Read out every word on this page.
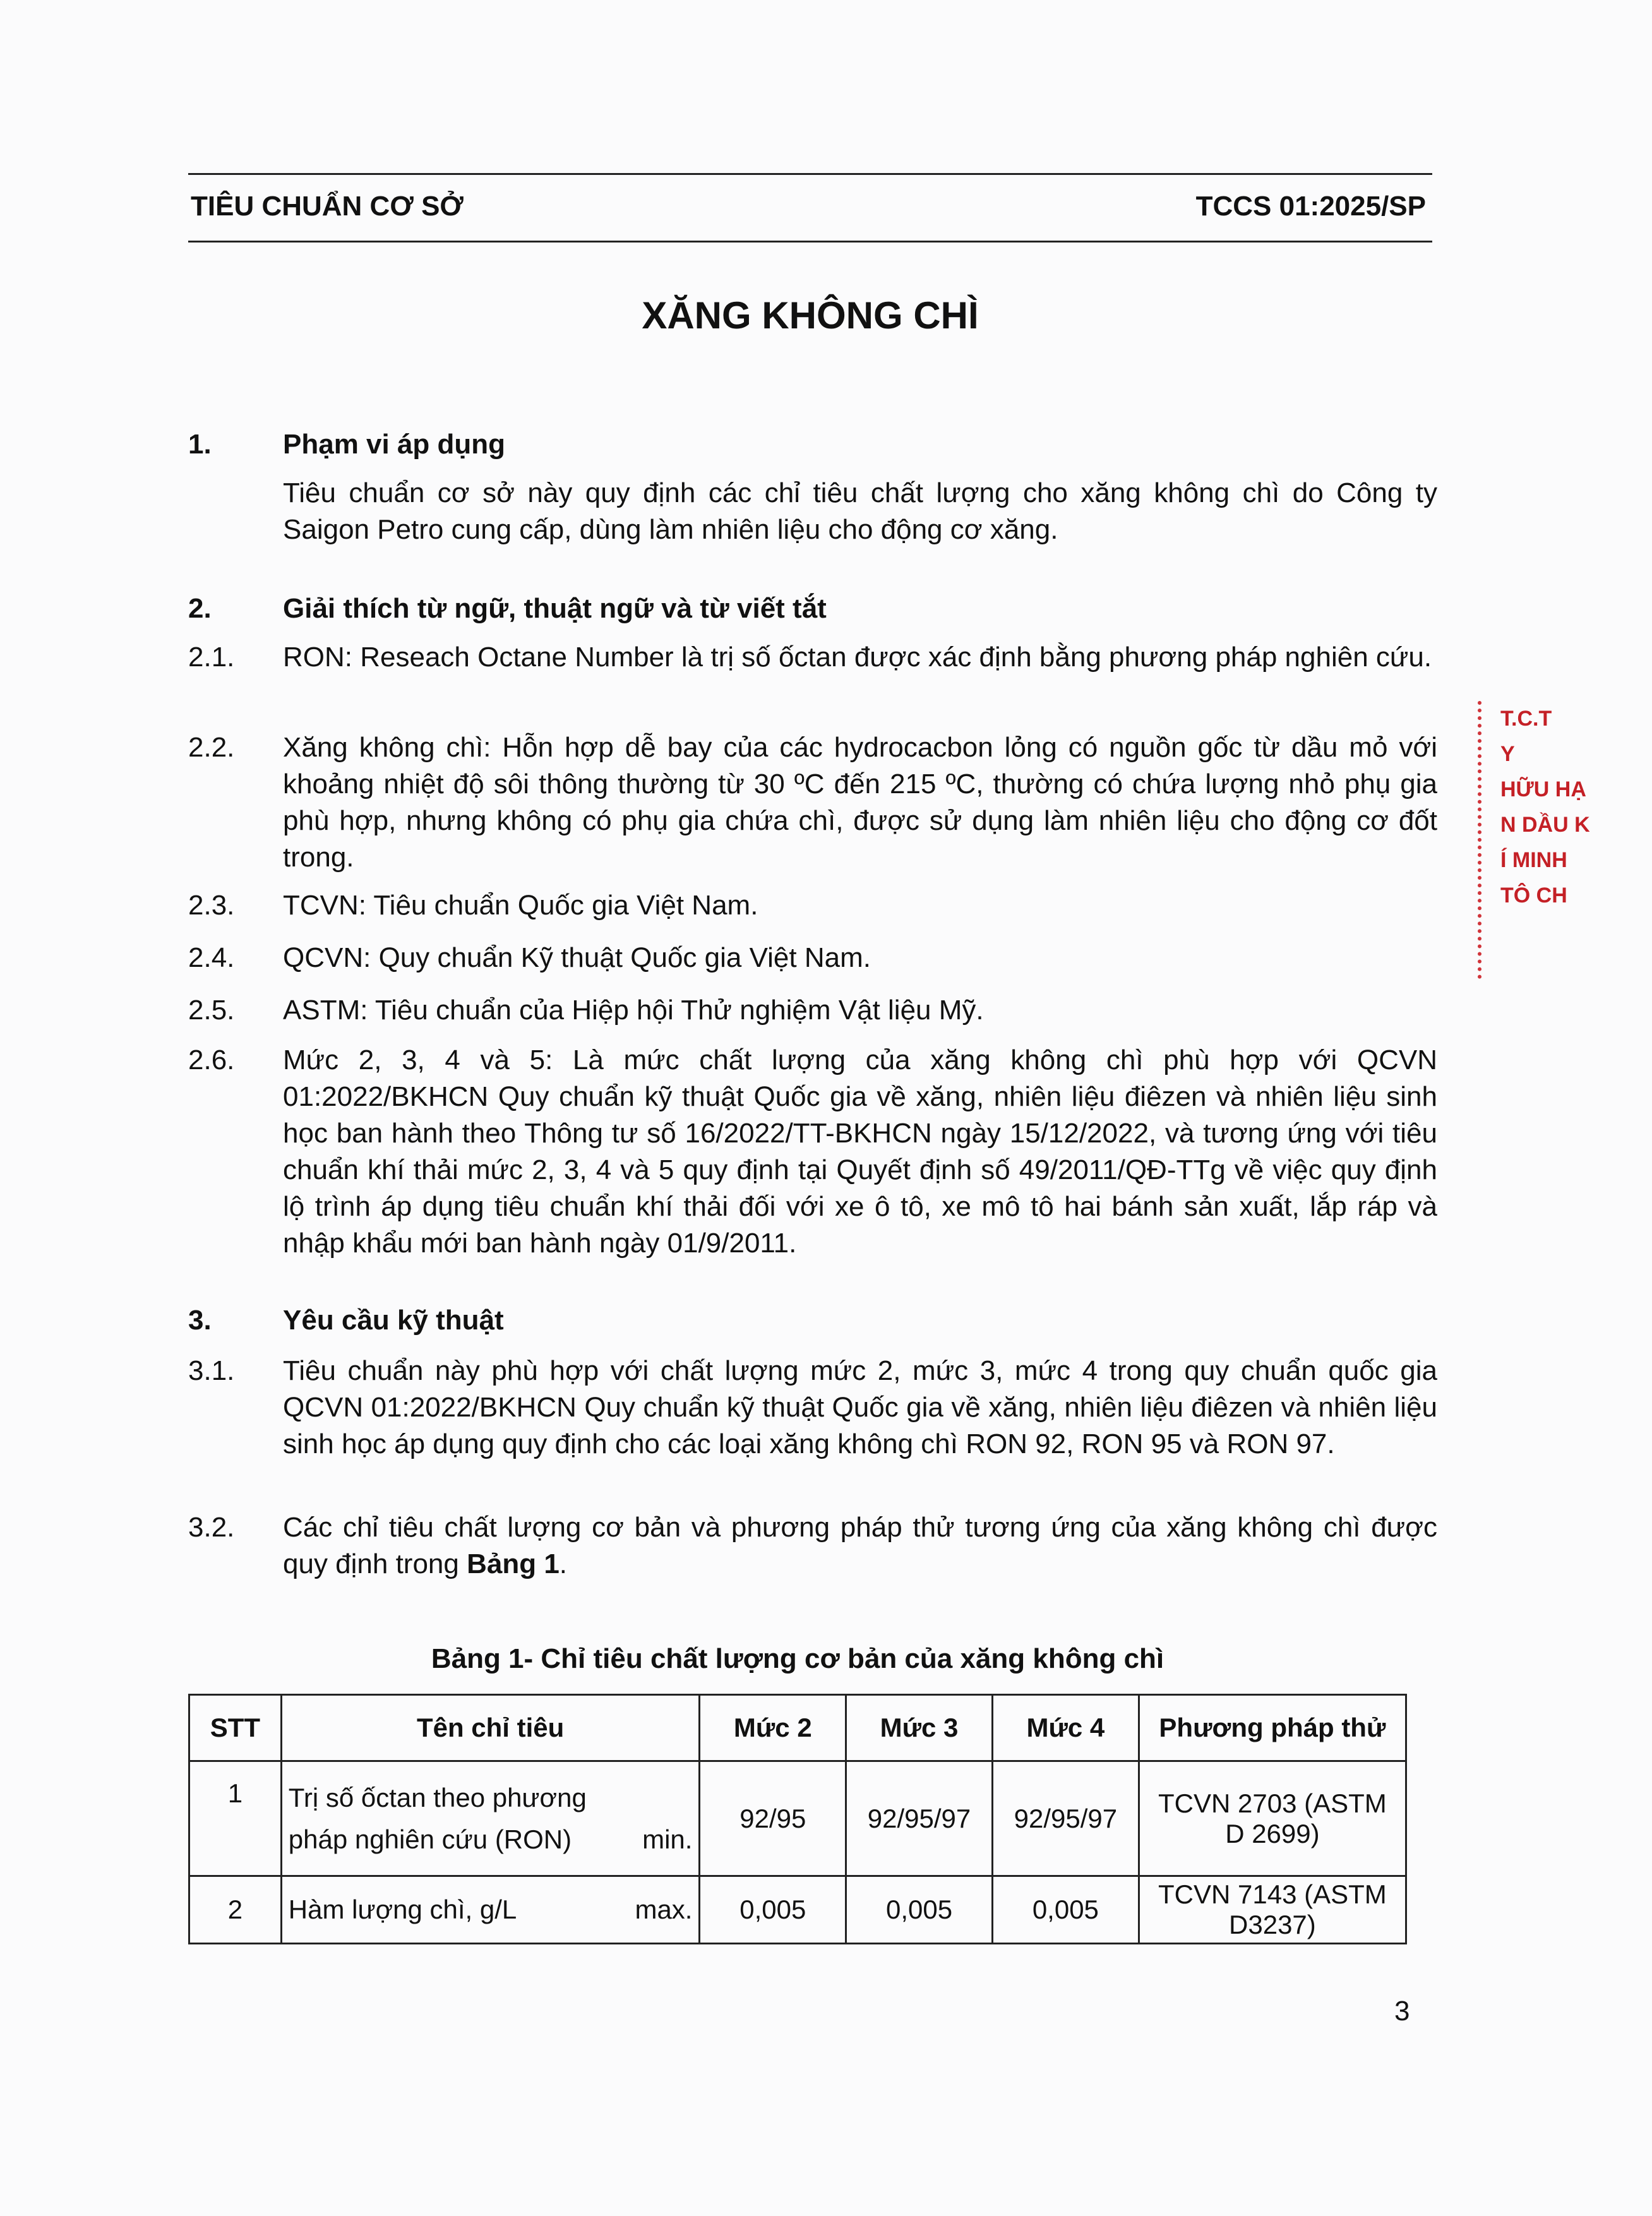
TIÊU CHUẨN CƠ SỞ	TCCS 01:2025/SP
XĂNG KHÔNG CHÌ
1.	Phạm vi áp dụng
Tiêu chuẩn cơ sở này quy định các chỉ tiêu chất lượng cho xăng không chì do Công ty Saigon Petro cung cấp, dùng làm nhiên liệu cho động cơ xăng.
2.	Giải thích từ ngữ, thuật ngữ và từ viết tắt
2.1. RON: Reseach Octane Number là trị số ốctan được xác định bằng phương pháp nghiên cứu.
2.2. Xăng không chì: Hỗn hợp dễ bay của các hydrocacbon lỏng có nguồn gốc từ dầu mỏ với khoảng nhiệt độ sôi thông thường từ 30 ºC đến 215 ºC, thường có chứa lượng nhỏ phụ gia phù hợp, nhưng không có phụ gia chứa chì, được sử dụng làm nhiên liệu cho động cơ đốt trong.
2.3. TCVN: Tiêu chuẩn Quốc gia Việt Nam.
2.4. QCVN: Quy chuẩn Kỹ thuật Quốc gia Việt Nam.
2.5. ASTM: Tiêu chuẩn của Hiệp hội Thử nghiệm Vật liệu Mỹ.
2.6. Mức 2, 3, 4 và 5: Là mức chất lượng của xăng không chì phù hợp với QCVN 01:2022/BKHCN Quy chuẩn kỹ thuật Quốc gia về xăng, nhiên liệu điêzen và nhiên liệu sinh học ban hành theo Thông tư số 16/2022/TT-BKHCN ngày 15/12/2022, và tương ứng với tiêu chuẩn khí thải mức 2, 3, 4 và 5 quy định tại Quyết định số 49/2011/QĐ-TTg về việc quy định lộ trình áp dụng tiêu chuẩn khí thải đối với xe ô tô, xe mô tô hai bánh sản xuất, lắp ráp và nhập khẩu mới ban hành ngày 01/9/2011.
3.	Yêu cầu kỹ thuật
3.1. Tiêu chuẩn này phù hợp với chất lượng mức 2, mức 3, mức 4 trong quy chuẩn quốc gia QCVN 01:2022/BKHCN Quy chuẩn kỹ thuật Quốc gia về xăng, nhiên liệu điêzen và nhiên liệu sinh học áp dụng quy định cho các loại xăng không chì RON 92, RON 95 và RON 97.
3.2. Các chỉ tiêu chất lượng cơ bản và phương pháp thử tương ứng của xăng không chì được quy định trong Bảng 1.
Bảng 1- Chỉ tiêu chất lượng cơ bản của xăng không chì
STT	Tên chỉ tiêu	Mức 2	Mức 3	Mức 4	Phương pháp thử
1	Trị số ốctan theo phương pháp nghiên cứu (RON) min.	92/95	92/95/97	92/95/97	TCVN 2703 (ASTM D 2699)
2	Hàm lượng chì, g/L max.	0,005	0,005	0,005	TCVN 7143 (ASTM D3237)
3
T.C.T
Y
HỮU HẠ
N DẦU K
Í MINH
TÔ CH
